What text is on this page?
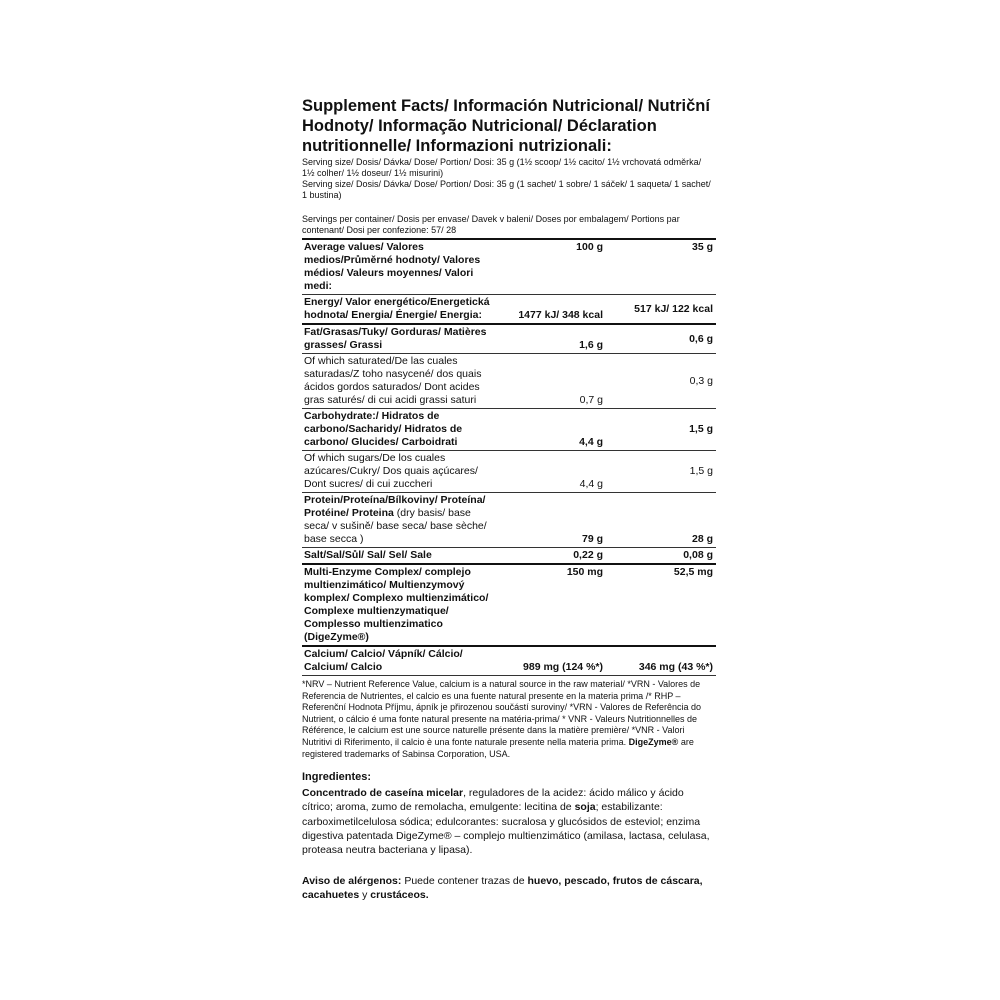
Supplement Facts/ Información Nutricional/ Nutriční Hodnoty/ Informação Nutricional/ Déclaration nutritionnelle/ Informazioni nutrizionali:
Serving size/ Dosis/ Dávka/ Dose/ Portion/ Dosi: 35 g (1½ scoop/ 1½ cacito/ 1½ vrchovatá odměrka/ 1½ colher/ 1½ doseur/ 1½ misurini)
Serving size/ Dosis/ Dávka/ Dose/ Portion/ Dosi: 35 g (1 sachet/ 1 sobre/ 1 sáček/ 1 saqueta/ 1 sachet/ 1 bustina)
Servings per container/ Dosis per envase/ Davek v baleni/ Doses por embalagem/ Portions par contenant/ Dosi per confezione: 57/ 28
Average values/ Valores medios/Průměrné hodnoty/ Valores médios/ Valeurs moyennes/ Valori medi:	100 g	35 g
Energy/ Valor energético/Energetická hodnota/ Energia/ Énergie/ Energia:	1477 kJ/ 348 kcal	517 kJ/ 122 kcal
Fat/Grasas/Tuky/ Gorduras/ Matières grasses/ Grassi	1,6 g	0,6 g
Of which saturated/De las cuales saturadas/Z toho nasycené/ dos quais ácidos gordos saturados/ Dont acides gras saturés/ di cui acidi grassi saturi	0,7 g	0,3 g
Carbohydrate:/ Hidratos de carbono/Sacharidy/ Hidratos de carbono/ Glucides/ Carboidrati	4,4 g	1,5 g
Of which sugars/De los cuales azúcares/Cukry/ Dos quais açúcares/ Dont sucres/ di cui zuccheri	4,4 g	1,5 g
Protein/Proteína/Bílkoviny/ Proteína/ Protéine/ Proteina (dry basis/ base seca/ v sušině/ base seca/ base sèche/ base secca )	79 g	28 g
Salt/Sal/Sůl/ Sal/ Sel/ Sale	0,22 g	0,08 g
Multi-Enzyme Complex/ complejo multienzimático/ Multienzymový komplex/ Complexo multienzimático/ Complexe multienzymatique/ Complesso multienzimatico (DigeZyme®)	150 mg	52,5 mg
Calcium/ Calcio/ Vápník/ Cálcio/ Calcium/ Calcio	989 mg (124 %*)	346 mg (43 %*)
*NRV – Nutrient Reference Value, calcium is a natural source in the raw material/ *VRN - Valores de Referencia de Nutrientes, el calcio es una fuente natural presente en la materia prima /* RHP – Referenční Hodnota Příjmu, ápník je přirozenou součástí suroviny/ *VRN - Valores de Referência do Nutrient, o cálcio é uma fonte natural presente na matéria-prima/ * VNR - Valeurs Nutritionnelles de Référence, le calcium est une source naturelle présente dans la matière première/ *VNR - Valori Nutritivi di Riferimento, il calcio è una fonte naturale presente nella materia prima. DigeZyme® are registered trademarks of Sabinsa Corporation, USA.
Ingredientes:
Concentrado de caseína micelar, reguladores de la acidez: ácido málico y ácido cítrico; aroma, zumo de remolacha, emulgente: lecitina de soja; estabilizante: carboximetilcelulosa sódica; edulcorantes: sucralosa y glucósidos de esteviol; enzima digestiva patentada DigeZyme® – complejo multienzimático (amilasa, lactasa, celulasa, proteasa neutra bacteriana y lipasa).
Aviso de alérgenos: Puede contener trazas de huevo, pescado, frutos de cáscara, cacahuetes y crustáceos.
